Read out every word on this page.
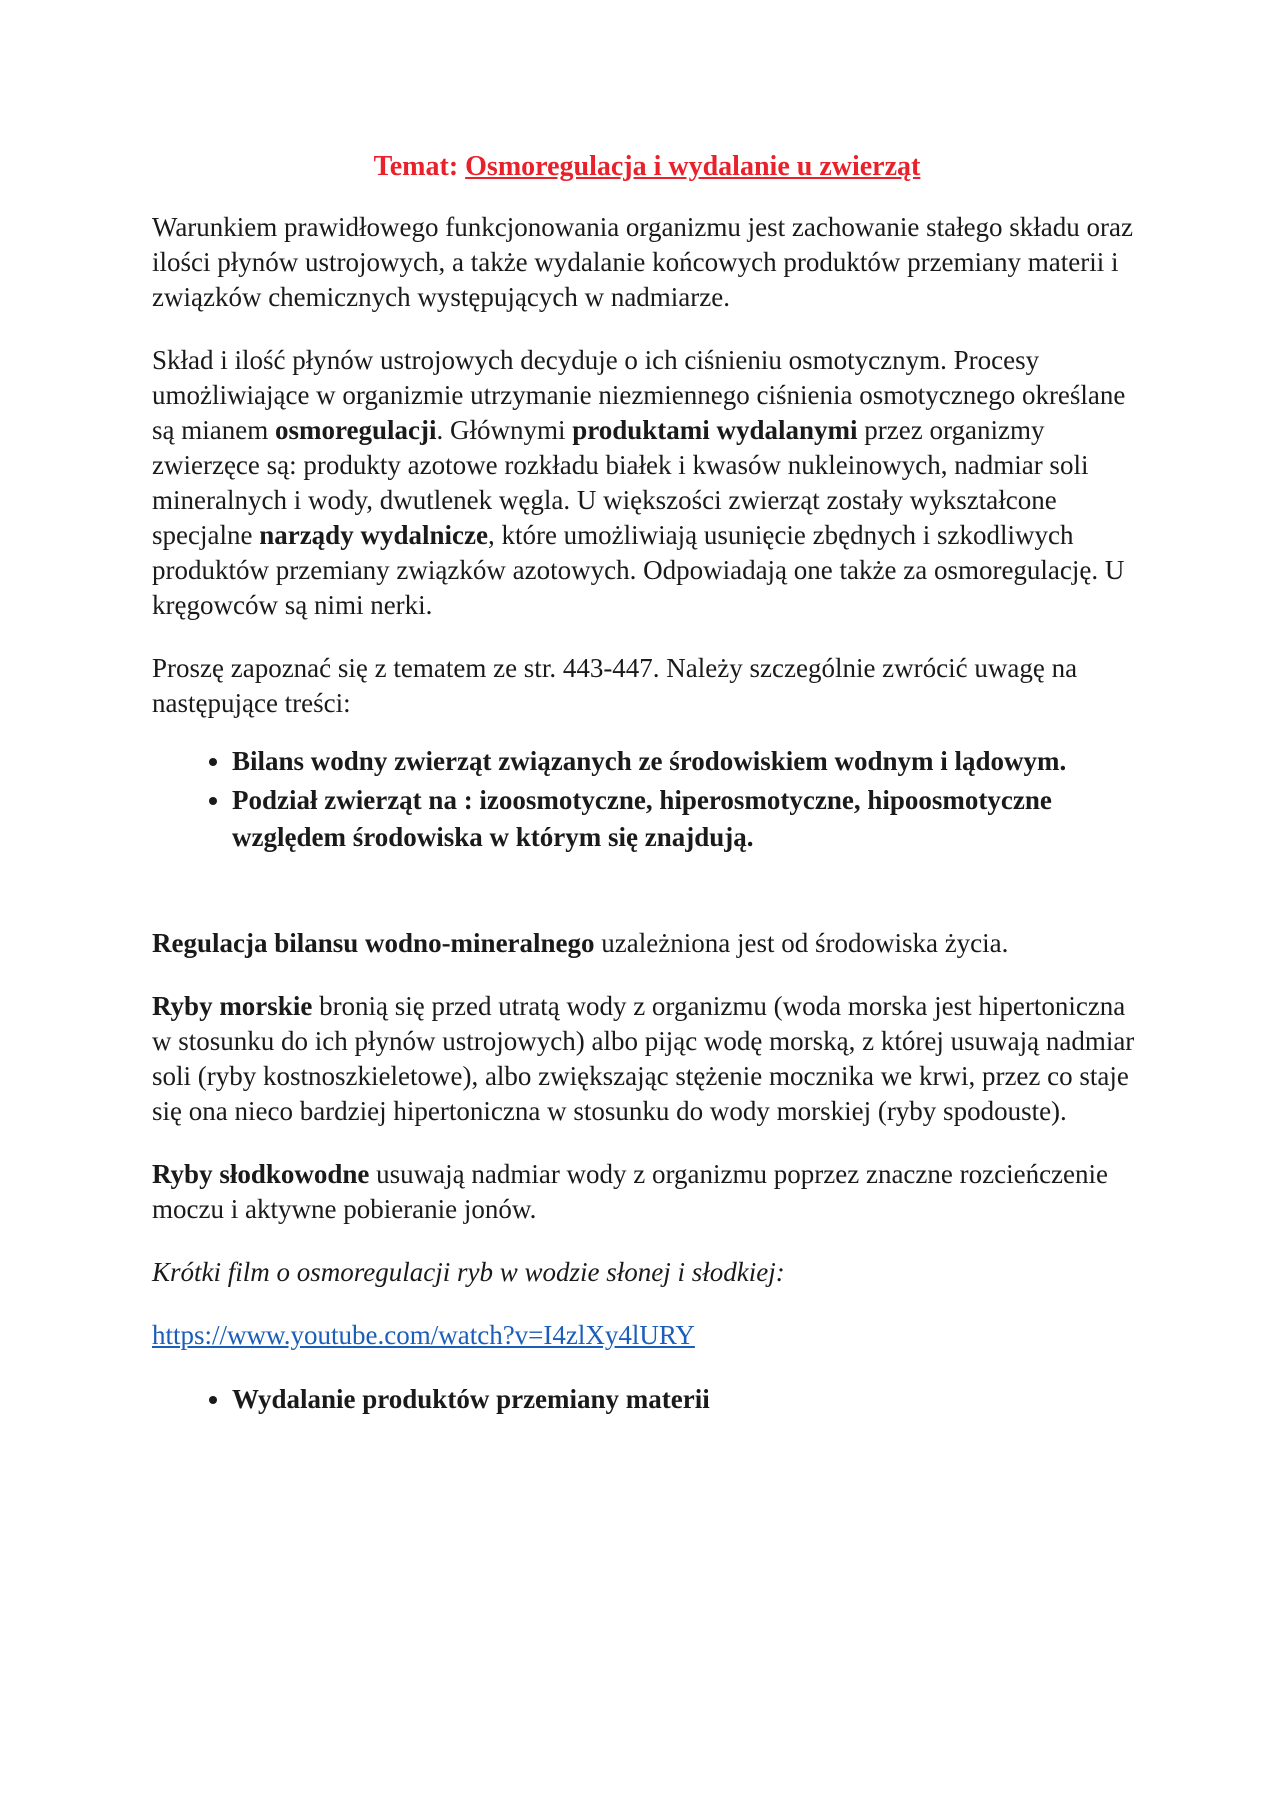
Temat: Osmoregulacja i wydalanie u zwierząt

Warunkiem prawidłowego funkcjonowania organizmu jest zachowanie stałego składu oraz ilości płynów ustrojowych, a także wydalanie końcowych produktów przemiany materii i związków chemicznych występujących w nadmiarze.

Skład i ilość płynów ustrojowych decyduje o ich ciśnieniu osmotycznym. Procesy umożliwiające w organizmie utrzymanie niezmiennego ciśnienia osmotycznego określane są mianem osmoregulacji. Głównymi produktami wydalanymi przez organizmy zwierzęce są: produkty azotowe rozkładu białek i kwasów nukleinowych, nadmiar soli mineralnych i wody, dwutlenek węgla. U większości zwierząt zostały wykształcone specjalne narządy wydalnicze, które umożliwiają usunięcie zbędnych i szkodliwych produktów przemiany związków azotowych. Odpowiadają one także za osmoregulację. U kręgowców są nimi nerki.

Proszę zapoznać się z tematem ze str. 443-447. Należy szczególnie zwrócić uwagę na następujące treści:

• Bilans wodny zwierząt związanych ze środowiskiem wodnym i lądowym.
• Podział zwierząt na : izoosmotyczne, hiperosmotyczne, hipoosmotyczne względem środowiska w którym się znajdują.

Regulacja bilansu wodno-mineralnego uzależniona jest od środowiska życia.

Ryby morskie bronią się przed utratą wody z organizmu (woda morska jest hipertoniczna w stosunku do ich płynów ustrojowych) albo pijąc wodę morską, z której usuwają nadmiar soli (ryby kostnoszkieletowe), albo zwiększając stężenie mocznika we krwi, przez co staje się ona nieco bardziej hipertoniczna w stosunku do wody morskiej (ryby spodouste).

Ryby słodkowodne usuwają nadmiar wody z organizmu poprzez znaczne rozcieńczenie moczu i aktywne pobieranie jonów.

Krótki film o osmoregulacji ryb w wodzie słonej i słodkiej:

https://www.youtube.com/watch?v=I4zlXy4lURY

• Wydalanie produktów przemiany materii
